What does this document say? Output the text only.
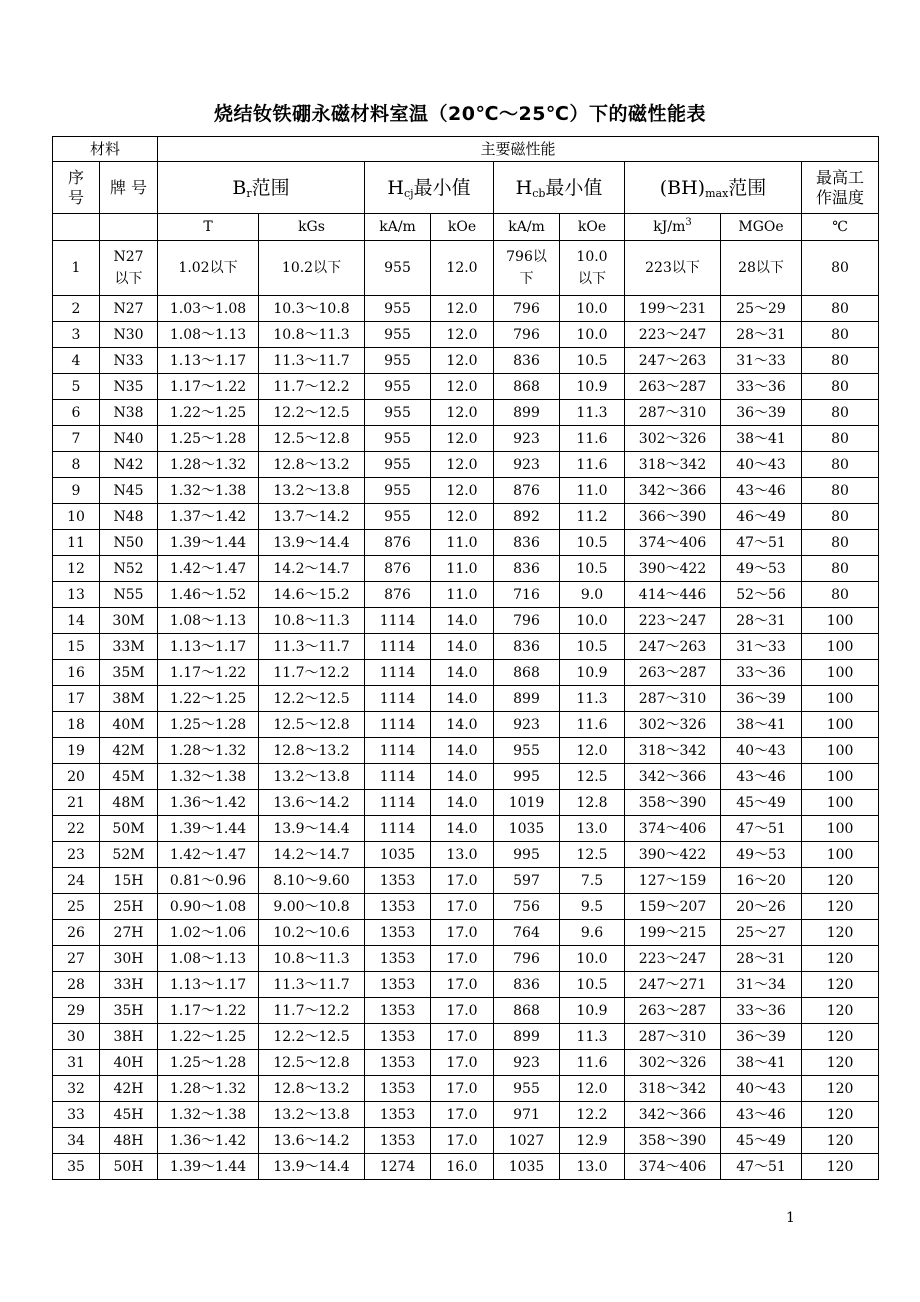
烧结钕铁硼永磁材料室温（20℃～25℃）下的磁性能表
材料		主要磁性能								
序号	牌 号	$B_r$范围		$H_{cj}$最小值		$H_{cb}$最小值		$(BH)_{max}$范围		最高工作温度
		T	kGs	kA/m	kOe	kA/m	kOe	$kJ/m^3$	MGOe	℃
1	N27以下	1.02以下	10.2以下	955	12.0	796以下	10.0以下	223以下	28以下	80
2	N27	1.03～1.08	10.3～10.8	955	12.0	796	10.0	199～231	25～29	80
3	N30	1.08～1.13	10.8～11.3	955	12.0	796	10.0	223～247	28～31	80
4	N33	1.13～1.17	11.3～11.7	955	12.0	836	10.5	247～263	31～33	80
5	N35	1.17～1.22	11.7～12.2	955	12.0	868	10.9	263～287	33～36	80
6	N38	1.22～1.25	12.2～12.5	955	12.0	899	11.3	287～310	36～39	80
7	N40	1.25～1.28	12.5～12.8	955	12.0	923	11.6	302～326	38～41	80
8	N42	1.28～1.32	12.8～13.2	955	12.0	923	11.6	318～342	40～43	80
9	N45	1.32～1.38	13.2～13.8	955	12.0	876	11.0	342～366	43～46	80
10	N48	1.37～1.42	13.7～14.2	955	12.0	892	11.2	366～390	46～49	80
11	N50	1.39～1.44	13.9～14.4	876	11.0	836	10.5	374～406	47～51	80
12	N52	1.42～1.47	14.2～14.7	876	11.0	836	10.5	390～422	49～53	80
13	N55	1.46～1.52	14.6～15.2	876	11.0	716	9.0	414～446	52～56	80
14	30M	1.08～1.13	10.8～11.3	1114	14.0	796	10.0	223～247	28～31	100
15	33M	1.13～1.17	11.3～11.7	1114	14.0	836	10.5	247～263	31～33	100
16	35M	1.17～1.22	11.7～12.2	1114	14.0	868	10.9	263～287	33～36	100
17	38M	1.22～1.25	12.2～12.5	1114	14.0	899	11.3	287～310	36～39	100
18	40M	1.25～1.28	12.5～12.8	1114	14.0	923	11.6	302～326	38～41	100
19	42M	1.28～1.32	12.8～13.2	1114	14.0	955	12.0	318～342	40～43	100
20	45M	1.32～1.38	13.2～13.8	1114	14.0	995	12.5	342～366	43～46	100
21	48M	1.36～1.42	13.6～14.2	1114	14.0	1019	12.8	358～390	45～49	100
22	50M	1.39～1.44	13.9～14.4	1114	14.0	1035	13.0	374～406	47～51	100
23	52M	1.42～1.47	14.2～14.7	1035	13.0	995	12.5	390～422	49～53	100
24	15H	0.81～0.96	8.10～9.60	1353	17.0	597	7.5	127～159	16～20	120
25	25H	0.90～1.08	9.00～10.8	1353	17.0	756	9.5	159～207	20～26	120
26	27H	1.02～1.06	10.2～10.6	1353	17.0	764	9.6	199～215	25～27	120
27	30H	1.08～1.13	10.8～11.3	1353	17.0	796	10.0	223～247	28～31	120
28	33H	1.13～1.17	11.3～11.7	1353	17.0	836	10.5	247～271	31～34	120
29	35H	1.17～1.22	11.7～12.2	1353	17.0	868	10.9	263～287	33～36	120
30	38H	1.22～1.25	12.2～12.5	1353	17.0	899	11.3	287～310	36～39	120
31	40H	1.25～1.28	12.5～12.8	1353	17.0	923	11.6	302～326	38～41	120
32	42H	1.28～1.32	12.8～13.2	1353	17.0	955	12.0	318～342	40～43	120
33	45H	1.32～1.38	13.2～13.8	1353	17.0	971	12.2	342～366	43～46	120
34	48H	1.36～1.42	13.6～14.2	1353	17.0	1027	12.9	358～390	45～49	120
35	50H	1.39～1.44	13.9～14.4	1274	16.0	1035	13.0	374～406	47～51	120
1
